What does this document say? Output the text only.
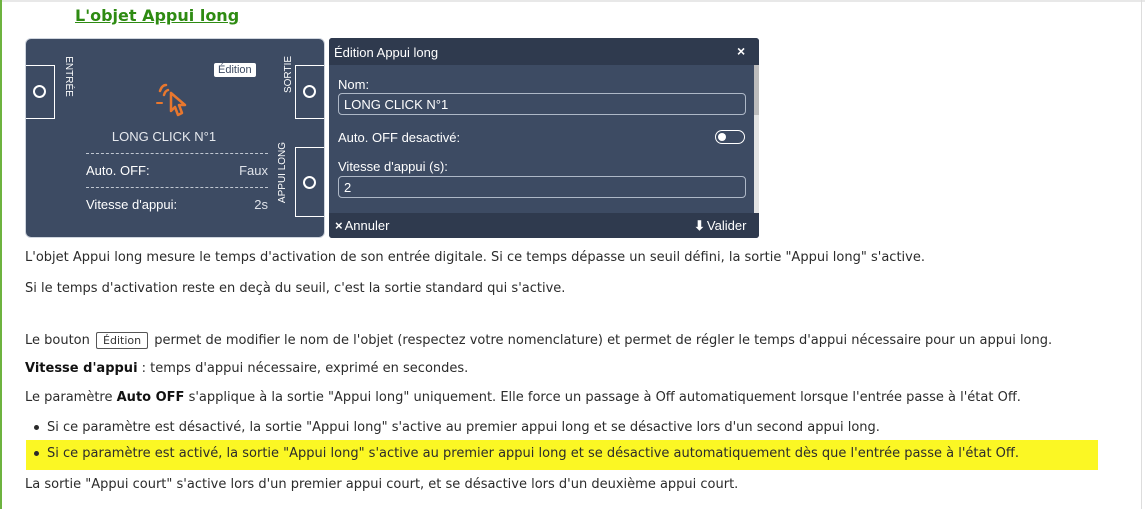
L'objet Appui long
ENTRÉE	SORTIE
APPUI LONG
Édition
LONG CLICK N°1
Auto. OFF:	Faux
Vitesse d'appui:	2s
Édition Appui long	×
Nom:
LONG CLICK N°1
Auto. OFF desactivé:
Vitesse d'appui (s):
2
× Annuler	⬇ Valider

L'objet Appui long mesure le temps d'activation de son entrée digitale. Si ce temps dépasse un seuil défini, la sortie "Appui long" s'active.

Si le temps d'activation reste en deçà du seuil, c'est la sortie standard qui s'active.

Le bouton Édition permet de modifier le nom de l'objet (respectez votre nomenclature) et permet de régler le temps d'appui nécessaire pour un appui long.

Vitesse d'appui : temps d'appui nécessaire, exprimé en secondes.

Le paramètre Auto OFF s'applique à la sortie "Appui long" uniquement. Elle force un passage à Off automatiquement lorsque l'entrée passe à l'état Off.

Si ce paramètre est désactivé, la sortie "Appui long" s'active au premier appui long et se désactive lors d'un second appui long.
Si ce paramètre est activé, la sortie "Appui long" s'active au premier appui long et se désactive automatiquement dès que l'entrée passe à l'état Off.

La sortie "Appui court" s'active lors d'un premier appui court, et se désactive lors d'un deuxième appui court.
